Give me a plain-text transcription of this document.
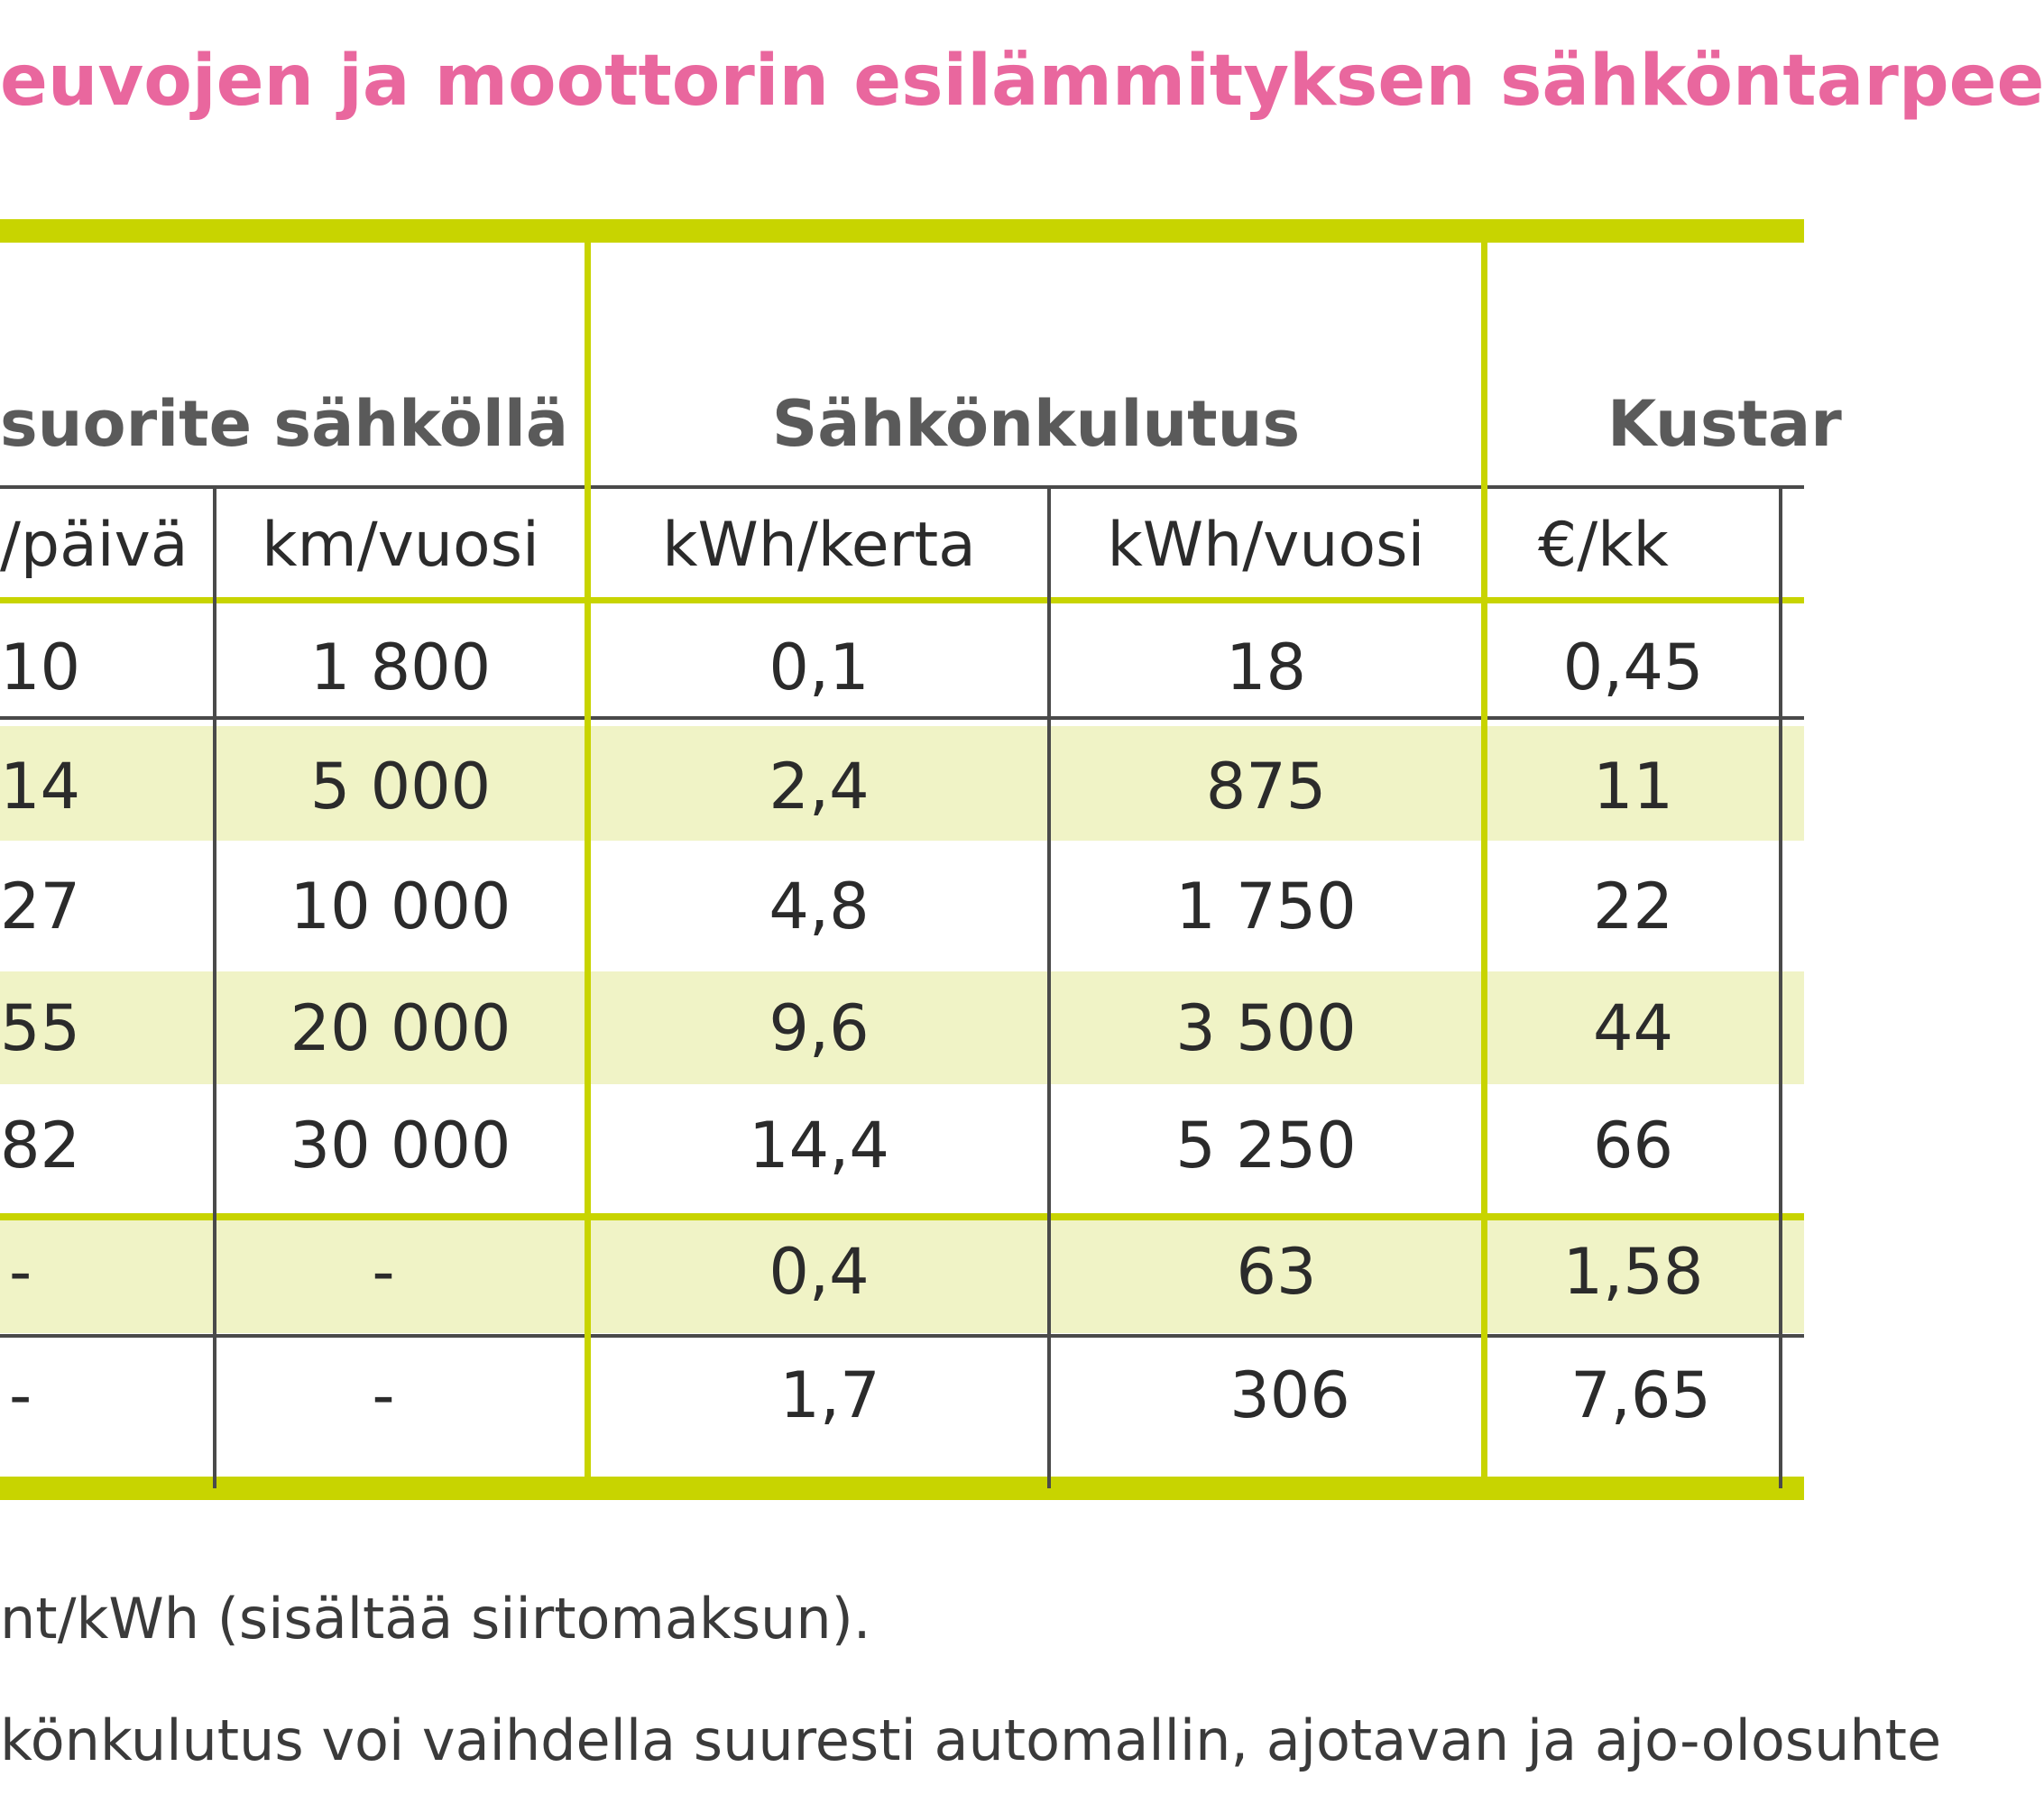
euvojen ja moottorin esilämmityksen sähköntarpee
suorite sähköllä	Sähkönkulutus	Kustar
/päivä	km/vuosi	kWh/kerta	kWh/vuosi	€/kk
10	1 800	0,1	18	0,45
14	5 000	2,4	875	11
27	10 000	4,8	1 750	22
55	20 000	9,6	3 500	44
82	30 000	14,4	5 250	66
-	-	0,4	63	1,58
-	-	1,7	306	7,65
nt/kWh (sisältää siirtomaksun).
könkulutus voi vaihdella suuresti automallin, ajotavan ja ajo-olosuhte
